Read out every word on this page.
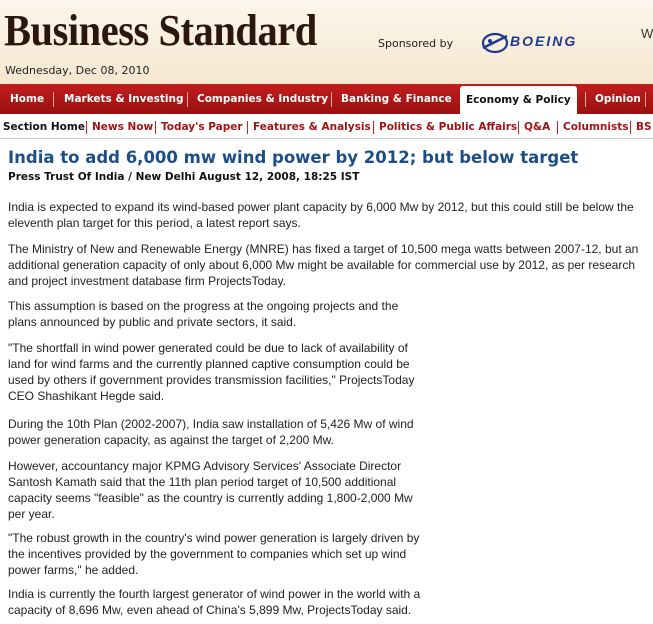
Business Standard
Wednesday, Dec 08, 2010
Sponsored by	BOEING	W
Home Markets & Investing Companies & Industry Banking & Finance	Economy & Policy	Opinion
Section Home News Now Today's Paper Features & Analysis Politics & Public Affairs Q&A Columnists BS
India to add 6,000 mw wind power by 2012; but below target
Press Trust Of India / New Delhi August 12, 2008, 18:25 IST

India is expected to expand its wind-based power plant capacity by 6,000 Mw by 2012, but this could still be below the eleventh plan target for this period, a latest report says.

The Ministry of New and Renewable Energy (MNRE) has fixed a target of 10,500 mega watts between 2007-12, but an additional generation capacity of only about 6,000 Mw might be available for commercial use by 2012, as per research and project investment database firm ProjectsToday.

This assumption is based on the progress at the ongoing projects and the plans announced by public and private sectors, it said.

"The shortfall in wind power generated could be due to lack of availability of land for wind farms and the currently planned captive consumption could be used by others if government provides transmission facilities," ProjectsToday CEO Shashikant Hegde said.

During the 10th Plan (2002-2007), India saw installation of 5,426 Mw of wind power generation capacity, as against the target of 2,200 Mw.

However, accountancy major KPMG Advisory Services' Associate Director Santosh Kamath said that the 11th plan period target of 10,500 additional capacity seems "feasible" as the country is currently adding 1,800-2,000 Mw per year.

"The robust growth in the country's wind power generation is largely driven by the incentives provided by the government to companies which set up wind power farms," he added.

India is currently the fourth largest generator of wind power in the world with a capacity of 8,696 Mw, even ahead of China's 5,899 Mw, ProjectsToday said.
